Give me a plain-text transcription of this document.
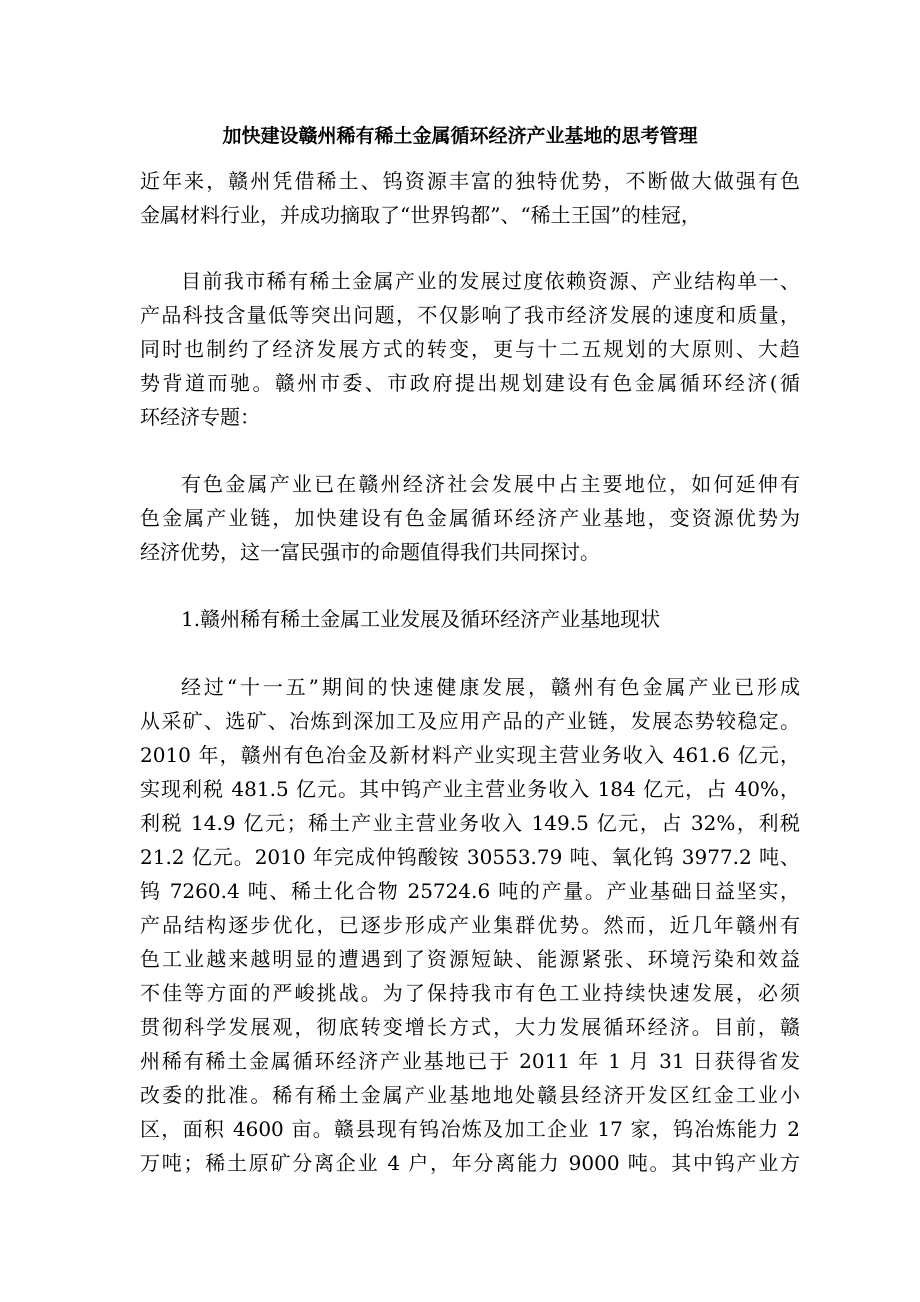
加快建设赣州稀有稀土金属循环经济产业基地的思考管理
近年来，赣州凭借稀土、钨资源丰富的独特优势，不断做大做强有色
金属材料行业，并成功摘取了“世界钨都”、“稀土王国”的桂冠，
目前我市稀有稀土金属产业的发展过度依赖资源、产业结构单一、
产品科技含量低等突出问题，不仅影响了我市经济发展的速度和质量，
同时也制约了经济发展方式的转变，更与十二五规划的大原则、大趋
势背道而驰。赣州市委、市政府提出规划建设有色金属循环经济(循
环经济专题：
有色金属产业已在赣州经济社会发展中占主要地位，如何延伸有
色金属产业链，加快建设有色金属循环经济产业基地，变资源优势为
经济优势，这一富民强市的命题值得我们共同探讨。
1.赣州稀有稀土金属工业发展及循环经济产业基地现状
经过“十一五”期间的快速健康发展，赣州有色金属产业已形成
从采矿、选矿、冶炼到深加工及应用产品的产业链，发展态势较稳定。
2010 年，赣州有色冶金及新材料产业实现主营业务收入 461.6 亿元，
实现利税 481.5 亿元。其中钨产业主营业务收入 184 亿元，占 40%，
利税 14.9 亿元；稀土产业主营业务收入 149.5 亿元，占 32%，利税
21.2 亿元。2010 年完成仲钨酸铵 30553.79 吨、氧化钨 3977.2 吨、
钨 7260.4 吨、稀土化合物 25724.6 吨的产量。产业基础日益坚实，
产品结构逐步优化，已逐步形成产业集群优势。然而，近几年赣州有
色工业越来越明显的遭遇到了资源短缺、能源紧张、环境污染和效益
不佳等方面的严峻挑战。为了保持我市有色工业持续快速发展，必须
贯彻科学发展观，彻底转变增长方式，大力发展循环经济。目前，赣
州稀有稀土金属循环经济产业基地已于 2011 年 1 月 31 日获得省发
改委的批准。稀有稀土金属产业基地地处赣县经济开发区红金工业小
区，面积 4600 亩。赣县现有钨冶炼及加工企业 17 家，钨冶炼能力 2
万吨；稀土原矿分离企业 4 户，年分离能力 9000 吨。其中钨产业方
